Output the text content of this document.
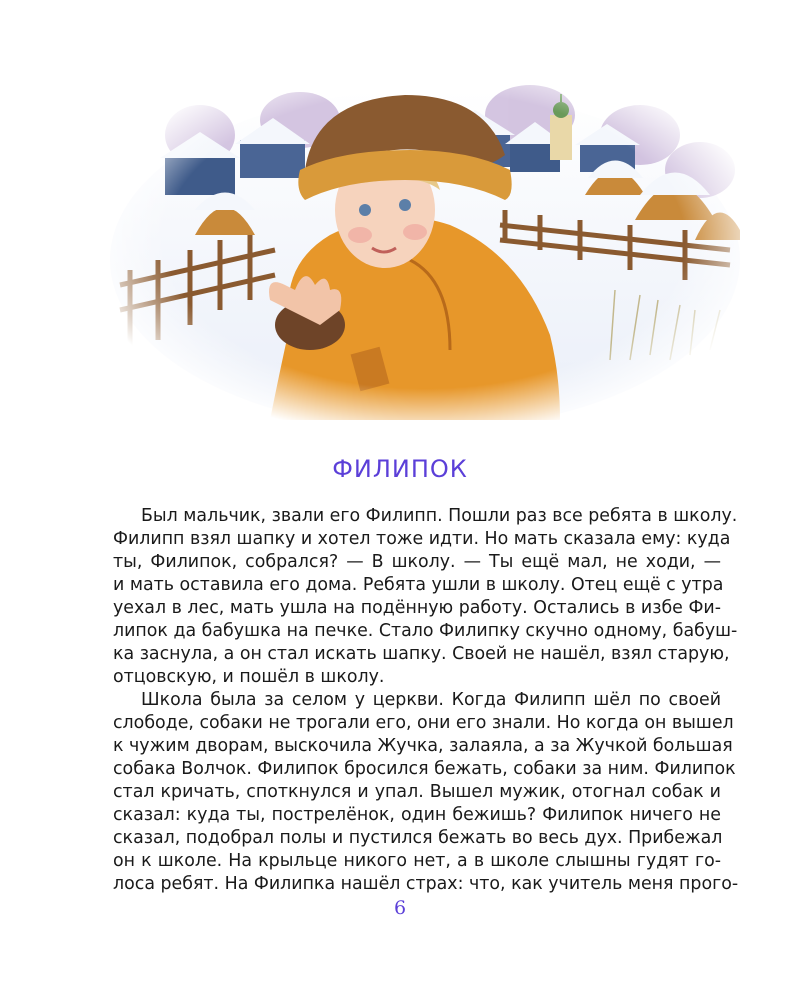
ФИЛИПОК

Был мальчик, звали его Филипп. Пошли раз все ребята в школу.
Филипп взял шапку и хотел тоже идти. Но мать сказала ему: куда
ты, Филипок, собрался? — В школу. — Ты ещё мал, не ходи, —
и мать оставила его дома. Ребята ушли в школу. Отец ещё с утра
уехал в лес, мать ушла на подённую работу. Остались в избе Фи-
липок да бабушка на печке. Стало Филипку скучно одному, бабуш-
ка заснула, а он стал искать шапку. Своей не нашёл, взял старую,
отцовскую, и пошёл в школу.

Школа была за селом у церкви. Когда Филипп шёл по своей
слободе, собаки не трогали его, они его знали. Но когда он вышел
к чужим дворам, выскочила Жучка, залаяла, а за Жучкой большая
собака Волчок. Филипок бросился бежать, собаки за ним. Филипок
стал кричать, споткнулся и упал. Вышел мужик, отогнал собак и
сказал: куда ты, пострелёнок, один бежишь? Филипок ничего не
сказал, подобрал полы и пустился бежать во весь дух. Прибежал
он к школе. На крыльце никого нет, а в школе слышны гудят го-
лоса ребят. На Филипка нашёл страх: что, как учитель меня прого-

6
